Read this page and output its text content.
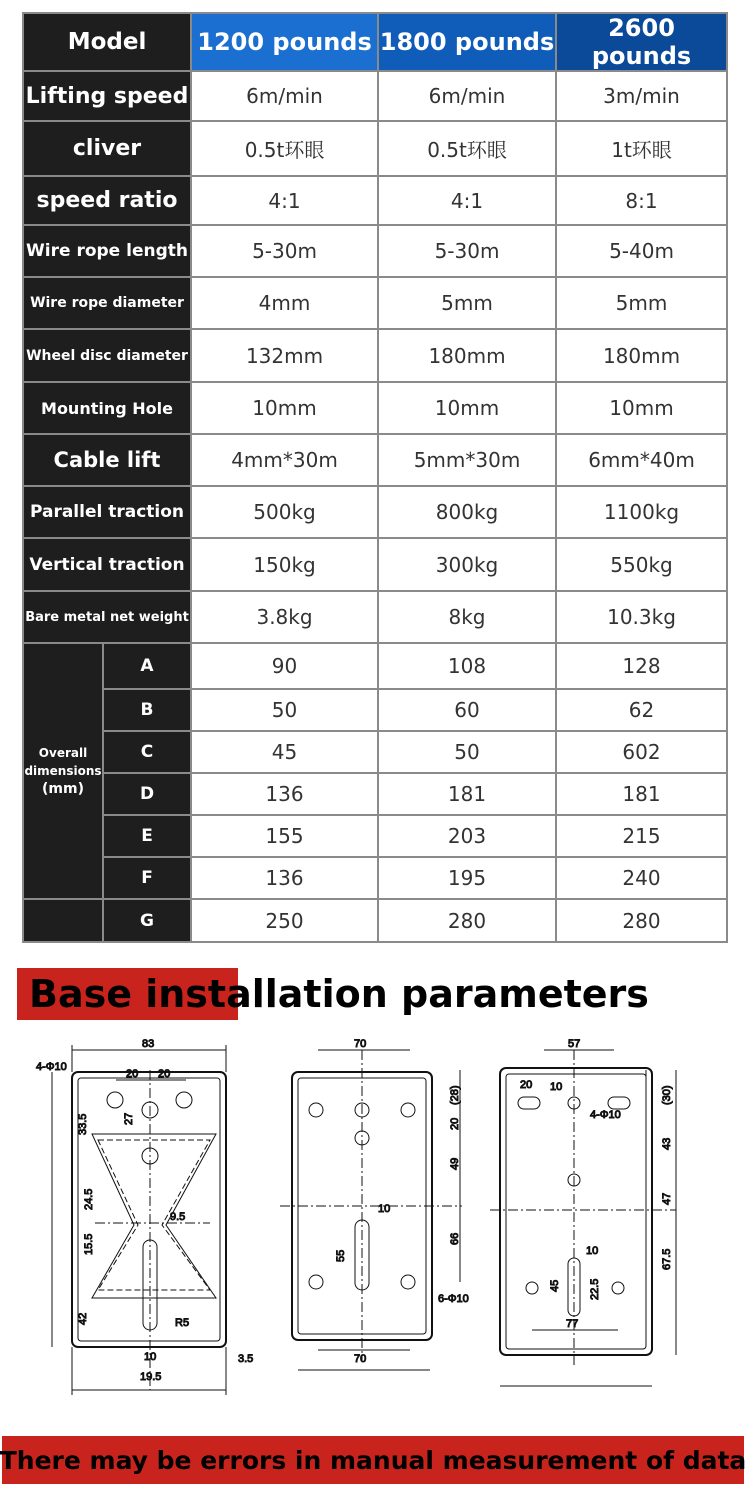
Model		1200 pounds	1800 pounds	2600 pounds
Lifting speed		6m/min	6m/min	3m/min
cliver		0.5t环眼	0.5t环眼	1t环眼
speed ratio		4:1	4:1	8:1
Wire rope length		5-30m	5-30m	5-40m
Wire rope diameter		4mm	5mm	5mm
Wheel disc diameter		132mm	180mm	180mm
Mounting Hole		10mm	10mm	10mm
Cable lift		4mm*30m	5mm*30m	6mm*40m
Parallel traction		500kg	800kg	1100kg
Vertical traction		150kg	300kg	550kg
Bare metal net weight		3.8kg	8kg	10.3kg
Overall
dimensions
(mm)	A	90	108	128
	B	50	60	62
	C	45	50	602
	D	136	181	181
	E	155	203	215
	F	136	195	240
	G	250	280	280
Base installation parameters
83
4-Φ10
20 20
33.5	27
24.5
15.5
42
9.5
R5
10
19.5
3.5
70
(28)
20
49
66
10
55
6-Φ10
70
57
20 10
4-Φ10
(30)
43
47
67.5
10
45	22.5
77
There may be errors in manual measurement of data
